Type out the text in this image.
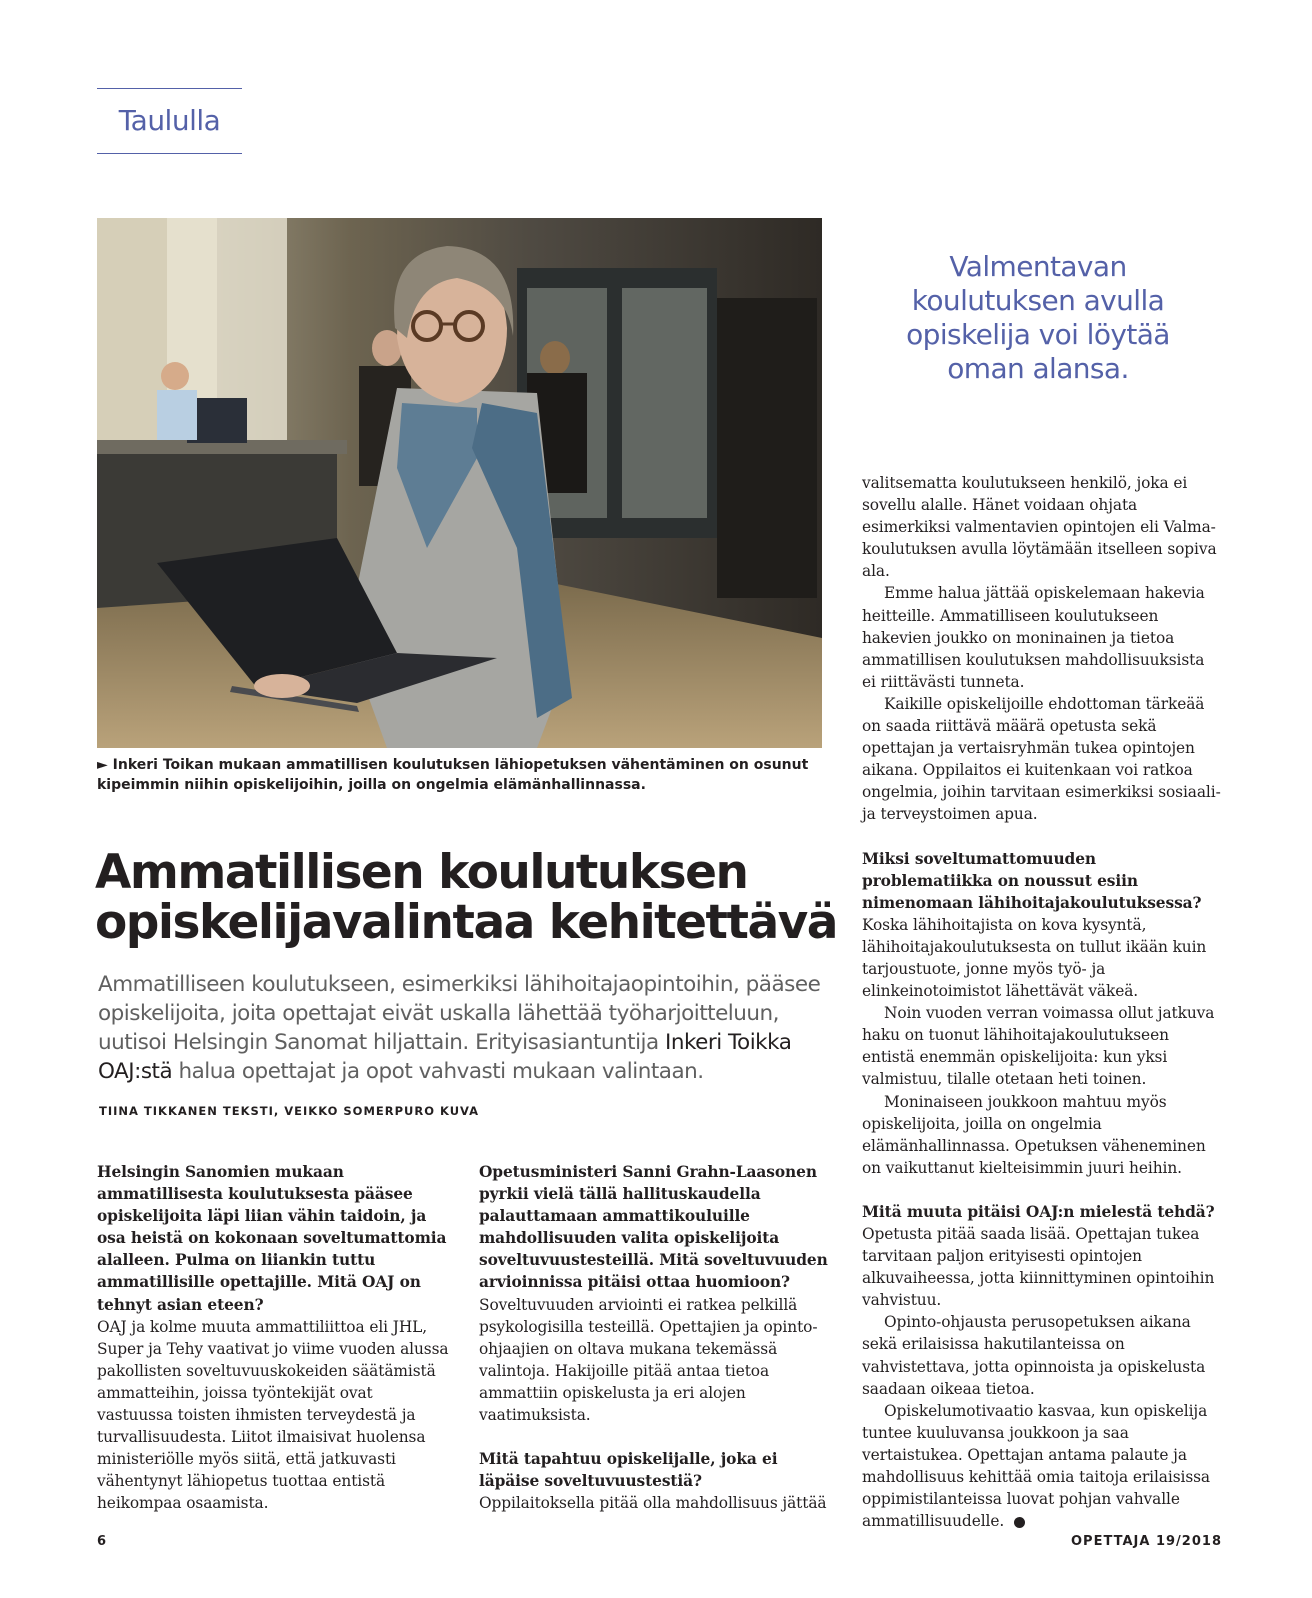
Taululla
► Inkeri Toikan mukaan ammatillisen koulutuksen lähiopetuksen vähentäminen on osunut kipeimmin niihin opiskelijoihin, joilla on ongelmia elämänhallinnassa.
Valmentavan koulutuksen avulla opiskelija voi löytää oman alansa.
Ammatillisen koulutuksen
opiskelijavalintaa kehitettävä
Ammatilliseen koulutukseen, esimerkiksi lähihoitajaopintoihin, pääsee opiskelijoita, joita opettajat eivät uskalla lähettää työharjoitteluun, uutisoi Helsingin Sanomat hiljattain. Erityisasiantuntija Inkeri Toikka OAJ:stä halua opettajat ja opot vahvasti mukaan valintaan.
TIINA TIKKANEN TEKSTI, VEIKKO SOMERPURO KUVA

Helsingin Sanomien mukaan ammatillisesta koulutuksesta pääsee opiskelijoita läpi liian vähin taidoin, ja osa heistä on kokonaan soveltumattomia alalleen. Pulma on liiankin tuttu ammatillisille opettajille. Mitä OAJ on tehnyt asian eteen?

OAJ ja kolme muuta ammattiliittoa eli JHL, Super ja Tehy vaativat jo viime vuoden alussa pakollisten soveltuvuuskokeiden säätämistä ammatteihin, joissa työntekijät ovat vastuussa toisten ihmisten terveydestä ja turvallisuudesta. Liitot ilmaisivat huolensa ministeriölle myös siitä, että jatkuvasti vähentynyt lähiopetus tuottaa entistä heikompaa osaamista.

Opetusministeri Sanni Grahn-Laasonen pyrkii vielä tällä hallituskaudella palauttamaan ammattikouluille mahdollisuuden valita opiskelijoita soveltuvuustesteillä. Mitä soveltuvuuden arvioinnissa pitäisi ottaa huomioon?

Soveltuvuuden arviointi ei ratkea pelkillä psykologisilla testeillä. Opettajien ja opinto-ohjaajien on oltava mukana tekemässä valintoja. Hakijoille pitää antaa tietoa ammattiin opiskelusta ja eri alojen vaatimuksista.

Mitä tapahtuu opiskelijalle, joka ei läpäise soveltuvuustestiä?

Oppilaitoksella pitää olla mahdollisuus jättää

valitsematta koulutukseen henkilö, joka ei sovellu alalle. Hänet voidaan ohjata esimerkiksi valmentavien opintojen eli Valma-koulutuksen avulla löytämään itselleen sopiva ala.

Emme halua jättää opiskelemaan hakevia heitteille. Ammatilliseen koulutukseen hakevien joukko on moninainen ja tietoa ammatillisen koulutuksen mahdollisuuksista ei riittävästi tunneta.

Kaikille opiskelijoille ehdottoman tärkeää on saada riittävä määrä opetusta sekä opettajan ja vertaisryhmän tukea opintojen aikana. Oppilaitos ei kuitenkaan voi ratkoa ongelmia, joihin tarvitaan esimerkiksi sosiaali- ja terveystoimen apua.

Miksi soveltumattomuuden problematiikka on noussut esiin nimenomaan lähihoitajakoulutuksessa?

Koska lähihoitajista on kova kysyntä, lähihoitajakoulutuksesta on tullut ikään kuin tarjoustuote, jonne myös työ- ja elinkeinotoimistot lähettävät väkeä.

Noin vuoden verran voimassa ollut jatkuva haku on tuonut lähihoitajakoulutukseen entistä enemmän opiskelijoita: kun yksi valmistuu, tilalle otetaan heti toinen.

Moninaiseen joukkoon mahtuu myös opiskelijoita, joilla on ongelmia elämänhallinnassa. Opetuksen väheneminen on vaikuttanut kielteisimmin juuri heihin.

Mitä muuta pitäisi OAJ:n mielestä tehdä?

Opetusta pitää saada lisää. Opettajan tukea tarvitaan paljon erityisesti opintojen alkuvaiheessa, jotta kiinnittyminen opintoihin vahvistuu.

Opinto-ohjausta perusopetuksen aikana sekä erilaisissa hakutilanteissa on vahvistettava, jotta opinnoista ja opiskelusta saadaan oikeaa tietoa.

Opiskelumotivaatio kasvaa, kun opiskelija tuntee kuuluvansa joukkoon ja saa vertaistukea. Opettajan antama palaute ja mahdollisuus kehittää omia taitoja erilaisissa oppimistilanteissa luovat pohjan vahvalle ammatillisuudelle.

6	OPETTAJA 19/2018
